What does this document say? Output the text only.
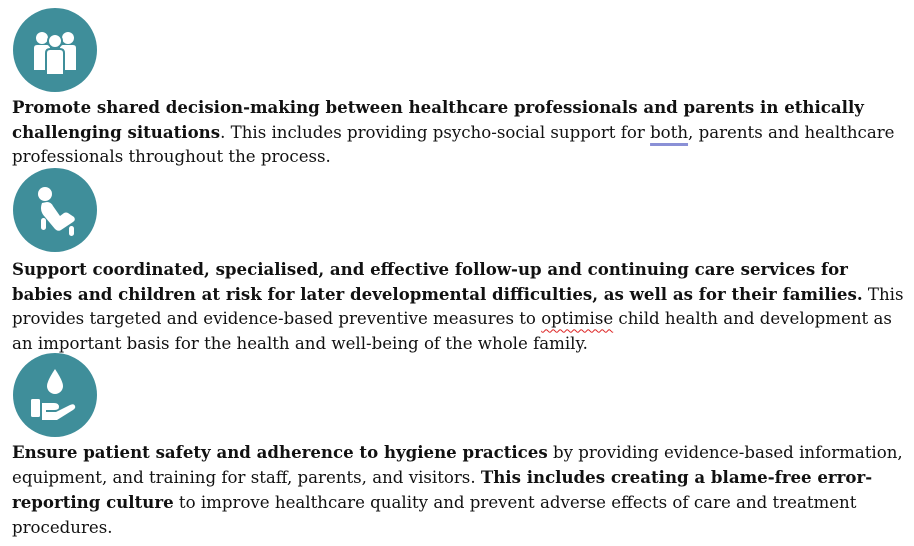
Promote shared decision-making between healthcare professionals and parents in ethically challenging situations. This includes providing psycho-social support for both, parents and healthcare professionals throughout the process.

Support coordinated, specialised, and effective follow-up and continuing care services for babies and children at risk for later developmental difficulties, as well as for their families. This provides targeted and evidence-based preventive measures to optimise child health and development as an important basis for the health and well-being of the whole family.

Ensure patient safety and adherence to hygiene practices by providing evidence-based information, equipment, and training for staff, parents, and visitors. This includes creating a blame-free error-reporting culture to improve healthcare quality and prevent adverse effects of care and treatment procedures.
